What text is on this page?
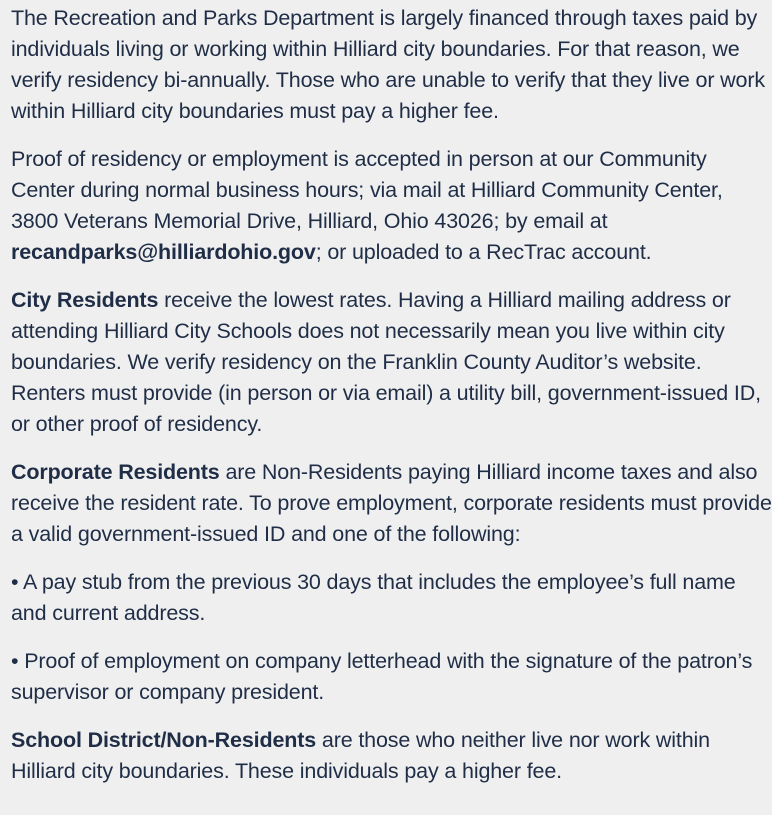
The Recreation and Parks Department is largely financed through taxes paid by individuals living or working within Hilliard city boundaries. For that reason, we verify residency bi-annually. Those who are unable to verify that they live or work within Hilliard city boundaries must pay a higher fee.

Proof of residency or employment is accepted in person at our Community Center during normal business hours; via mail at Hilliard Community Center, 3800 Veterans Memorial Drive, Hilliard, Ohio 43026; by email at recandparks@hilliardohio.gov; or uploaded to a RecTrac account.

City Residents receive the lowest rates. Having a Hilliard mailing address or attending Hilliard City Schools does not necessarily mean you live within city boundaries. We verify residency on the Franklin County Auditor’s website. Renters must provide (in person or via email) a utility bill, government-issued ID, or other proof of residency.

Corporate Residents are Non-Residents paying Hilliard income taxes and also receive the resident rate. To prove employment, corporate residents must provide a valid government-issued ID and one of the following:

• A pay stub from the previous 30 days that includes the employee’s full name and current address.

• Proof of employment on company letterhead with the signature of the patron’s supervisor or company president.

School District/Non-Residents are those who neither live nor work within Hilliard city boundaries. These individuals pay a higher fee.
